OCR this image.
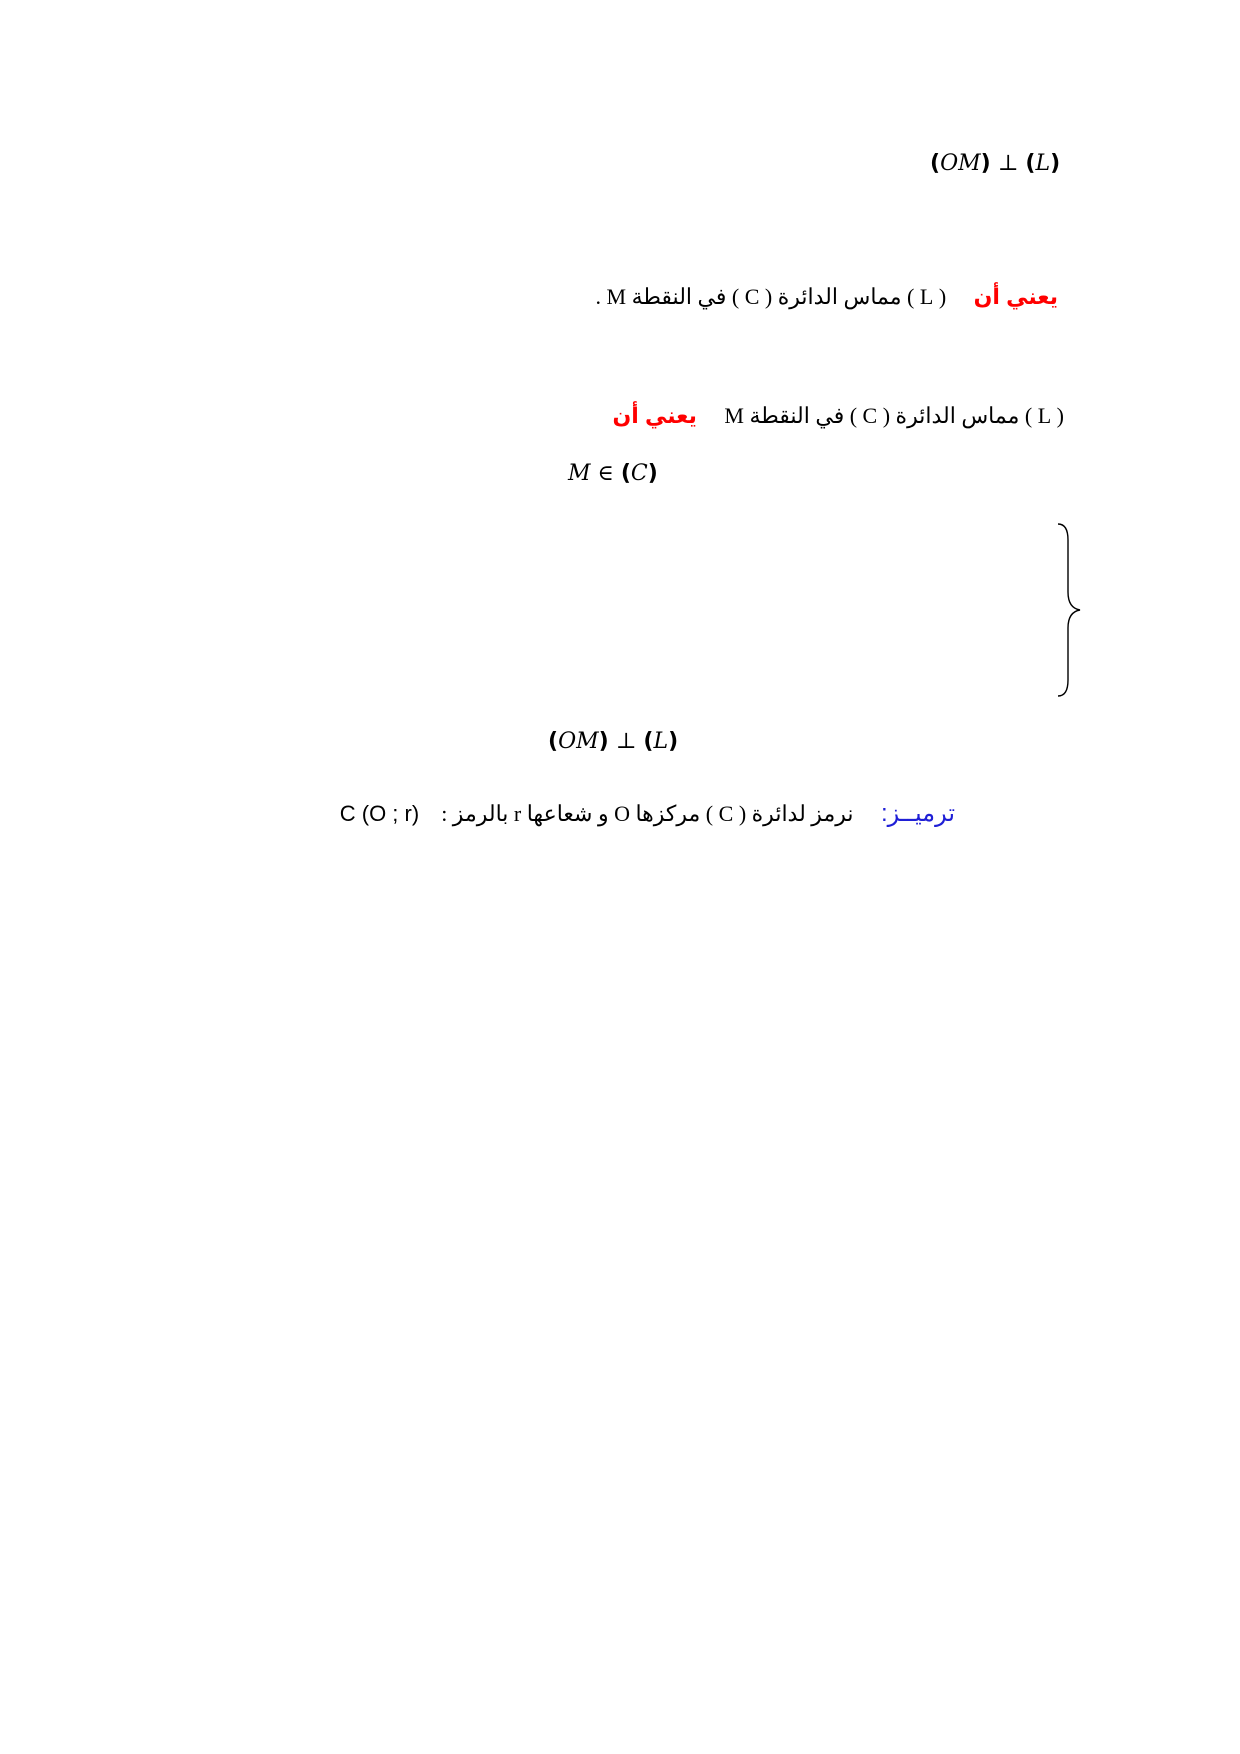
(OM) ⊥ (L)
يعني أن     ( L ) مماس الدائرة ( C ) في النقطة M .
( L ) مماس الدائرة ( C ) في النقطة M     يعني أن
M ∈ (C)
(OM) ⊥ (L)
ترميــز:     نرمز لدائرة ( C ) مركزها O و شعاعها r بالرمز :    C (O ; r)
